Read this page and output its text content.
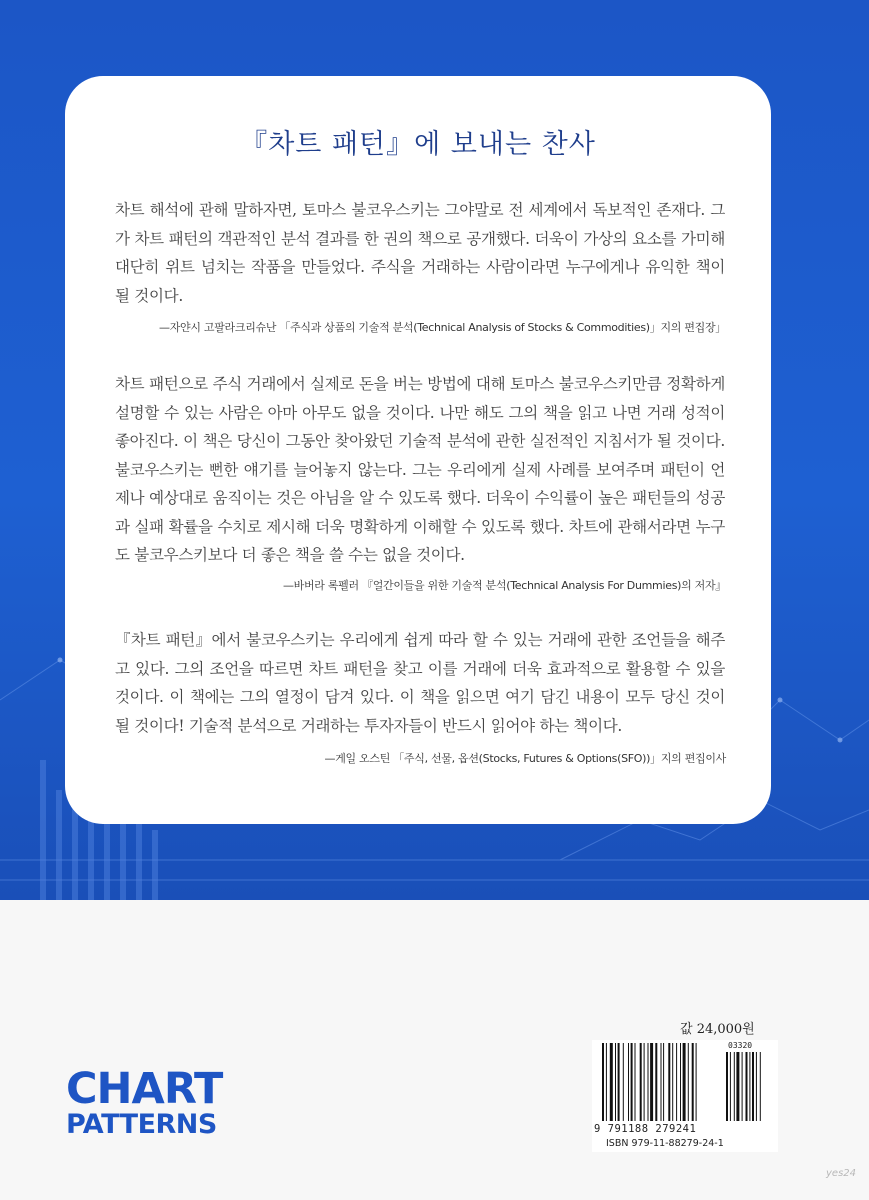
『차트 패턴』에 보내는 찬사
차트 해석에 관해 말하자면, 토마스 불코우스키는 그야말로 전 세계에서 독보적인 존재다. 그가 차트 패턴의 객관적인 분석 결과를 한 권의 책으로 공개했다. 더욱이 가상의 요소를 가미해 대단히 위트 넘치는 작품을 만들었다. 주식을 거래하는 사람이라면 누구에게나 유익한 책이 될 것이다.
—자얀시 고팔라크리슈난 「주식과 상품의 기술적 분석(Technical Analysis of Stocks & Commodities)」지의 편집장」
차트 패턴으로 주식 거래에서 실제로 돈을 버는 방법에 대해 토마스 불코우스키만큼 정확하게 설명할 수 있는 사람은 아마 아무도 없을 것이다. 나만 해도 그의 책을 읽고 나면 거래 성적이 좋아진다. 이 책은 당신이 그동안 찾아왔던 기술적 분석에 관한 실전적인 지침서가 될 것이다. 불코우스키는 뻔한 얘기를 늘어놓지 않는다. 그는 우리에게 실제 사례를 보여주며 패턴이 언제나 예상대로 움직이는 것은 아님을 알 수 있도록 했다. 더욱이 수익률이 높은 패턴들의 성공과 실패 확률을 수치로 제시해 더욱 명확하게 이해할 수 있도록 했다. 차트에 관해서라면 누구도 불코우스키보다 더 좋은 책을 쓸 수는 없을 것이다.
—바버라 록펠러 『얼간이들을 위한 기술적 분석(Technical Analysis For Dummies)의 저자』
『차트 패턴』에서 불코우스키는 우리에게 쉽게 따라 할 수 있는 거래에 관한 조언들을 해주고 있다. 그의 조언을 따르면 차트 패턴을 찾고 이를 거래에 더욱 효과적으로 활용할 수 있을 것이다. 이 책에는 그의 열정이 담겨 있다. 이 책을 읽으면 여기 담긴 내용이 모두 당신 것이 될 것이다! 기술적 분석으로 거래하는 투자자들이 반드시 읽어야 하는 책이다.
—게일 오스틴 「주식, 선물, 옵션(Stocks, Futures & Options(SFO))」지의 편집이사
CHART
PATTERNS
값 24,000원
03320
9 791188 279241
ISBN 979-11-88279-24-1
yes24
